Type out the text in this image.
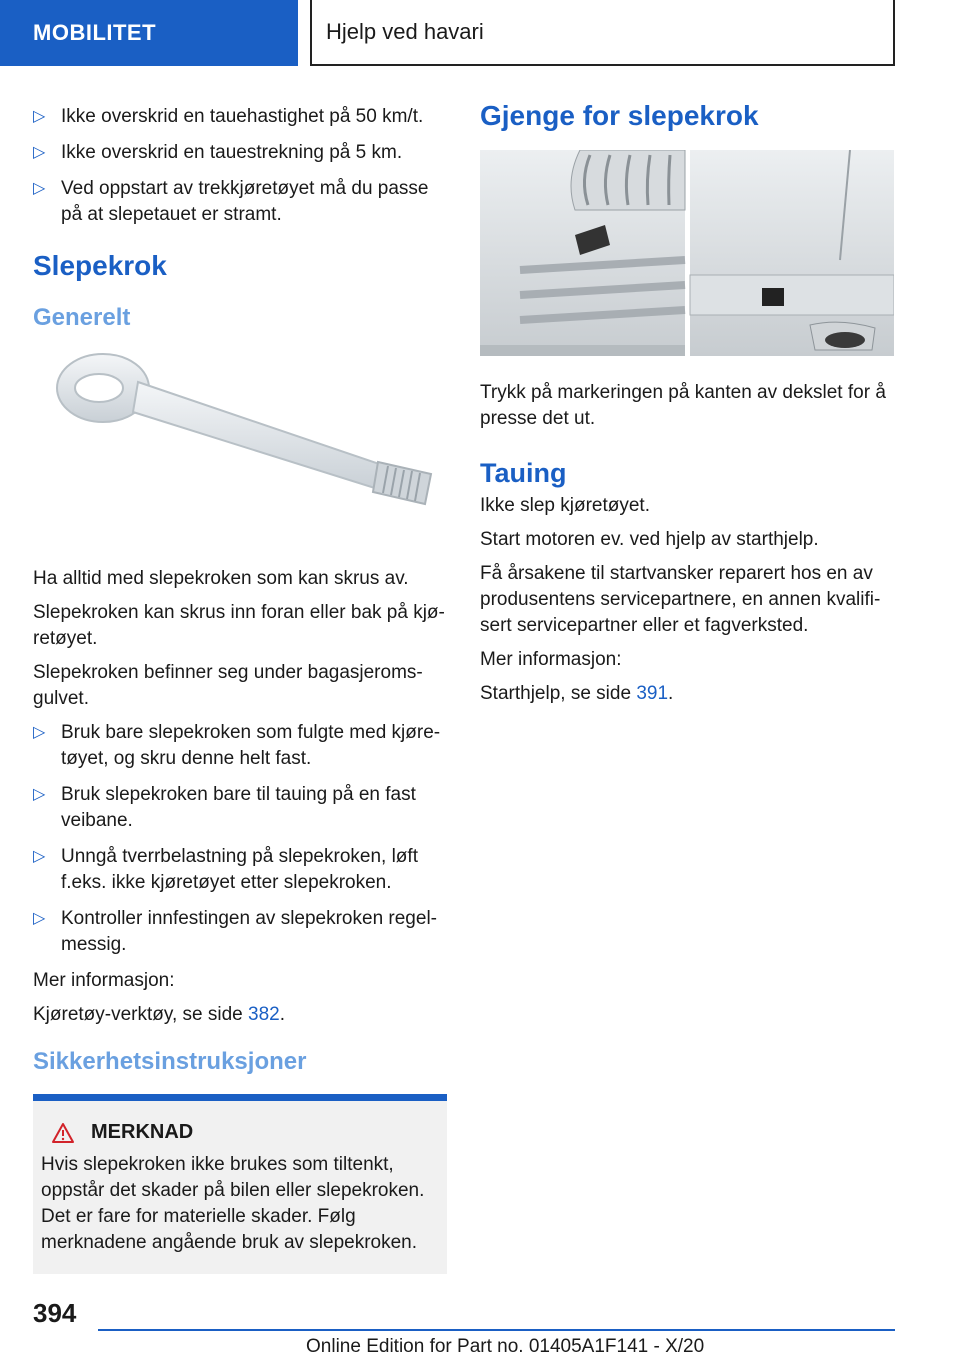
MOBILITET	Hjelp ved havari
▷ Ikke overskrid en tauehastighet på 50 km/t.
▷ Ikke overskrid en tauestrekning på 5 km.
▷ Ved oppstart av trekkjøretøyet må du passe på at slepetauet er stramt.
Slepekrok
Generelt

Ha alltid med slepekroken som kan skrus av.

Slepekroken kan skrus inn foran eller bak på kjøretøyet.

Slepekroken befinner seg under bagasjeromsgulvet.

▷ Bruk bare slepekroken som fulgte med kjøretøyet, og skru denne helt fast.
▷ Bruk slepekroken bare til tauing på en fast veibane.
▷ Unngå tverrbelastning på slepekroken, løft f.eks. ikke kjøretøyet etter slepekroken.
▷ Kontroller innfestingen av slepekroken regelmessig.

Mer informasjon:

Kjøretøy-verktøy, se side 382.

Sikkerhetsinstruksjoner
MERKNAD

Hvis slepekroken ikke brukes som tiltenkt, oppstår det skader på bilen eller slepekroken. Det er fare for materielle skader. Følg merknadene angående bruk av slepekroken.

Gjenge for slepekrok

Trykk på markeringen på kanten av dekslet for å presse det ut.

Tauing

Ikke slep kjøretøyet.

Start motoren ev. ved hjelp av starthjelp.

Få årsakene til startvansker reparert hos en av produsentens servicepartnere, en annen kvalifisert servicepartner eller et fagverksted.

Mer informasjon:

Starthjelp, se side 391.

394
Online Edition for Part no. 01405A1F141 - X/20
